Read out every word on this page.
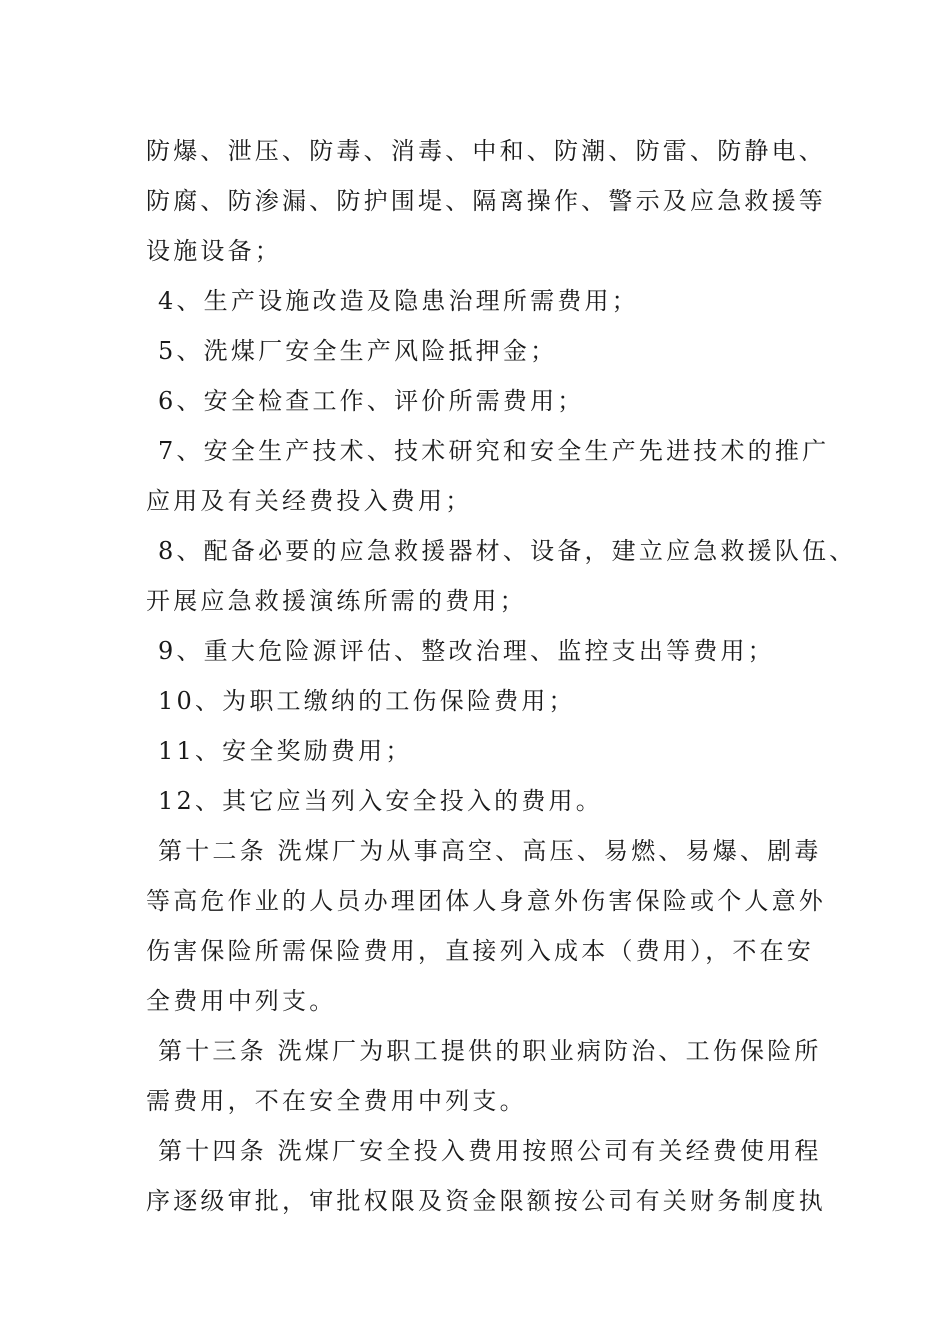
防爆、泄压、防毒、消毒、中和、防潮、防雷、防静电、
防腐、防渗漏、防护围堤、隔离操作、警示及应急救援等
设施设备；
4、生产设施改造及隐患治理所需费用；
5、洗煤厂安全生产风险抵押金；
6、安全检查工作、评价所需费用；
7、安全生产技术、技术研究和安全生产先进技术的推广
应用及有关经费投入费用；
8、配备必要的应急救援器材、设备，建立应急救援队伍、
开展应急救援演练所需的费用；
9、重大危险源评估、整改治理、监控支出等费用；
10、为职工缴纳的工伤保险费用；
11、安全奖励费用；
12、其它应当列入安全投入的费用。
第十二条 洗煤厂为从事高空、高压、易燃、易爆、剧毒
等高危作业的人员办理团体人身意外伤害保险或个人意外
伤害保险所需保险费用，直接列入成本（费用），不在安
全费用中列支。
第十三条 洗煤厂为职工提供的职业病防治、工伤保险所
需费用，不在安全费用中列支。
第十四条 洗煤厂安全投入费用按照公司有关经费使用程
序逐级审批，审批权限及资金限额按公司有关财务制度执
